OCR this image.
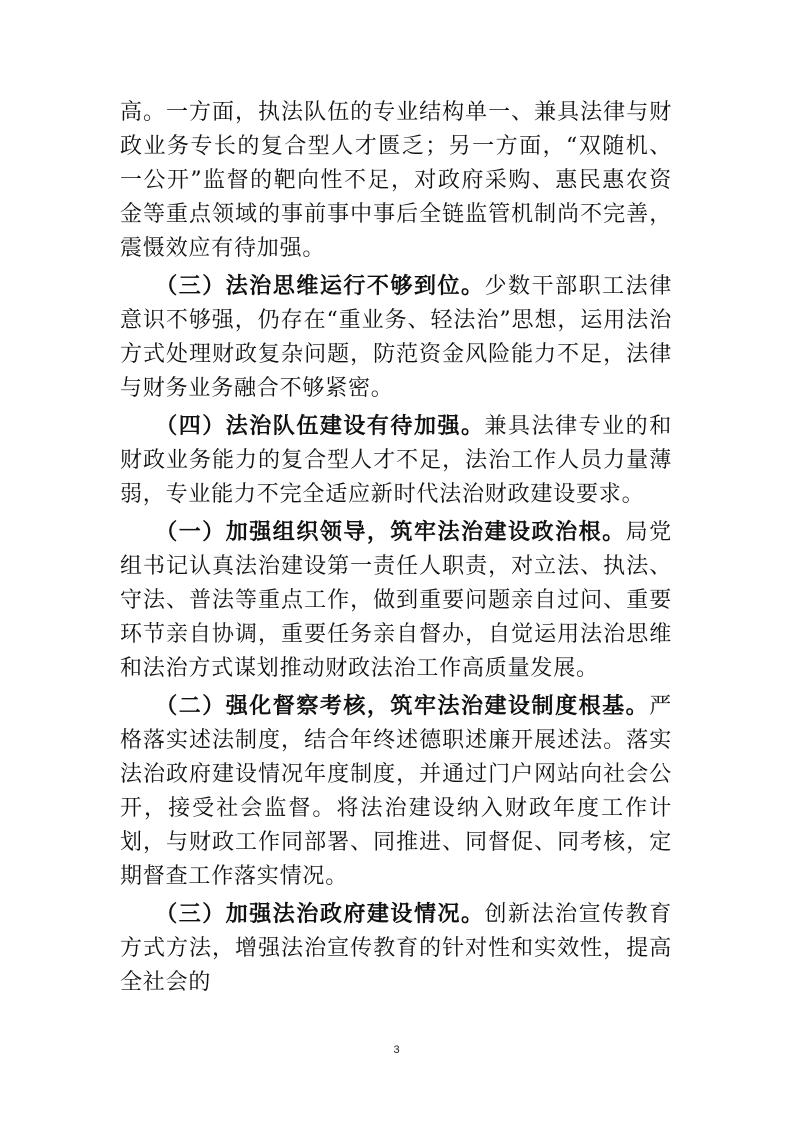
高。一方面，执法队伍的专业结构单一、兼具法律与财政业务专长的复合型人才匮乏；另一方面，“双随机、一公开”监督的靶向性不足，对政府采购、惠民惠农资金等重点领域的事前事中事后全链监管机制尚不完善，震慑效应有待加强。

（三）法治思维运行不够到位。少数干部职工法律意识不够强，仍存在“重业务、轻法治”思想，运用法治方式处理财政复杂问题，防范资金风险能力不足，法律与财务业务融合不够紧密。

（四）法治队伍建设有待加强。兼具法律专业的和财政业务能力的复合型人才不足，法治工作人员力量薄弱，专业能力不完全适应新时代法治财政建设要求。

（一）加强组织领导，筑牢法治建设政治根。局党组书记认真法治建设第一责任人职责，对立法、执法、守法、普法等重点工作，做到重要问题亲自过问、重要环节亲自协调，重要任务亲自督办，自觉运用法治思维和法治方式谋划推动财政法治工作高质量发展。

（二）强化督察考核，筑牢法治建设制度根基。严格落实述法制度，结合年终述德职述廉开展述法。落实法治政府建设情况年度制度，并通过门户网站向社会公开，接受社会监督。将法治建设纳入财政年度工作计划，与财政工作同部署、同推进、同督促、同考核，定期督查工作落实情况。

（三）加强法治政府建设情况。创新法治宣传教育方式方法，增强法治宣传教育的针对性和实效性，提高全社会的

3
